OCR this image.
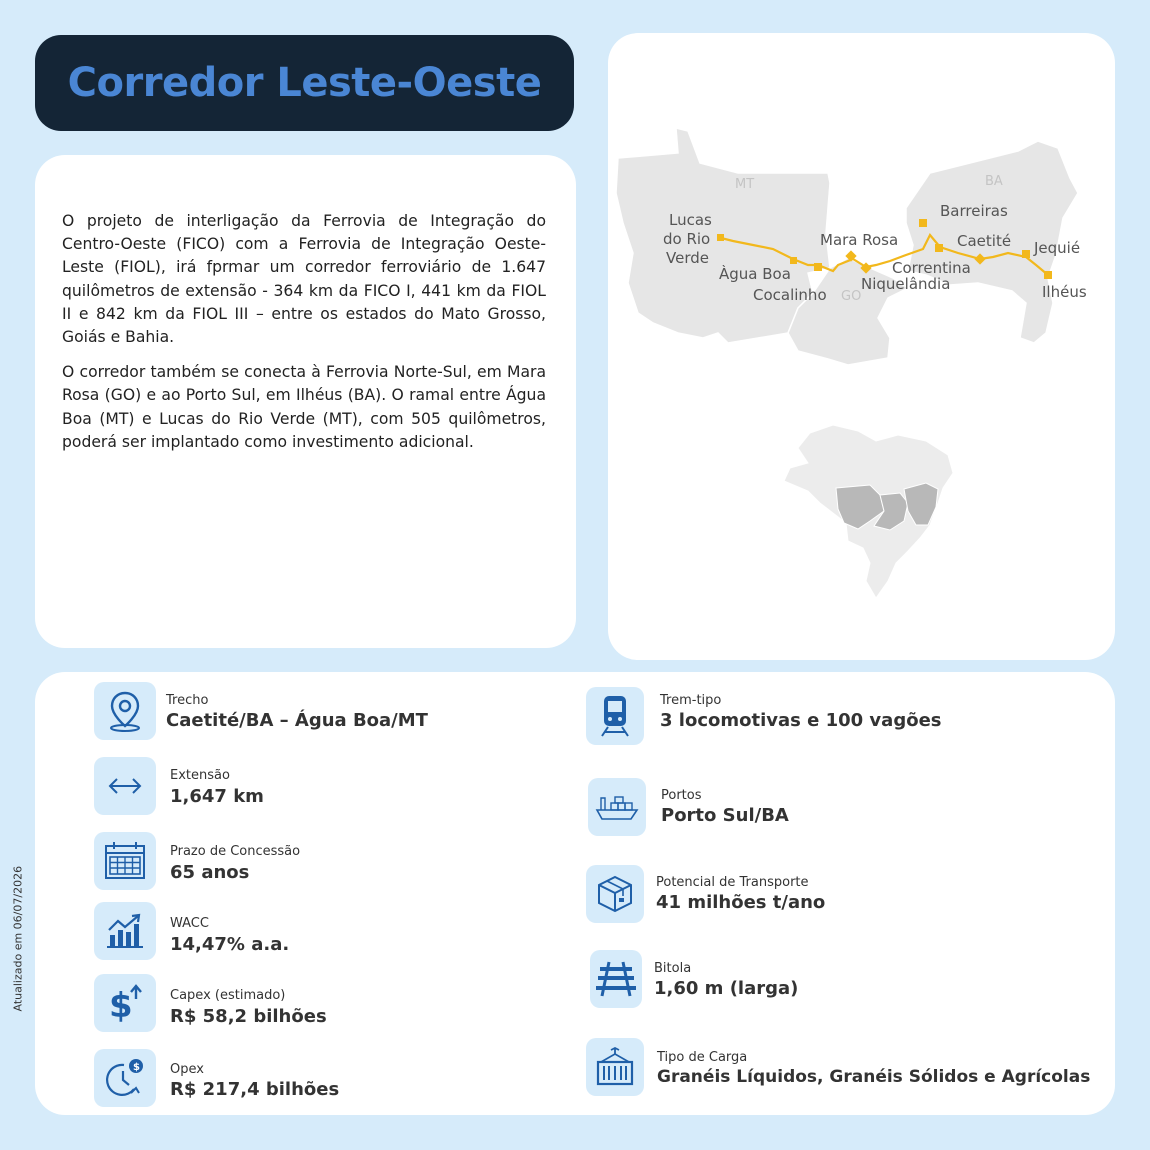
Corredor Leste-Oeste

O projeto de interligação da Ferrovia de Integração do Centro-Oeste (FICO) com a Ferrovia de Integração Oeste-Leste (FIOL), irá fprmar um corredor ferroviário de 1.647 quilômetros de extensão - 364 km da FICO I, 441 km da FIOL II e 842 km da FIOL III – entre os estados do Mato Grosso, Goiás e Bahia.

O corredor também se conecta à Ferrovia Norte-Sul, em Mara Rosa (GO) e ao Porto Sul, em Ilhéus (BA). O ramal entre Água Boa (MT) e Lucas do Rio Verde (MT), com 505 quilômetros, poderá ser implantado como investimento adicional.

MT
GO
BA
Lucas
do Rio
Verde
Àgua Boa
Cocalinho
Mara Rosa
Niquelândia
Correntina
Barreiras
Caetité Jequié
Ilhéus
Trecho
Caetité/BA – Água Boa/MT
Extensão
1,647 km
Prazo de Concessão
65 anos
WACC
14,47% a.a.
$	Capex (estimado)
R$ 58,2 bilhões
$ Opex
R$ 217,4 bilhões
Trem-tipo
3 locomotivas e 100 vagões
Portos
Porto Sul/BA
Potencial de Transporte
41 milhões t/ano
Bitola
1,60 m (larga)
Tipo de Carga
Granéis Líquidos, Granéis Sólidos e Agrícolas
Atualizado em 06/07/2026
